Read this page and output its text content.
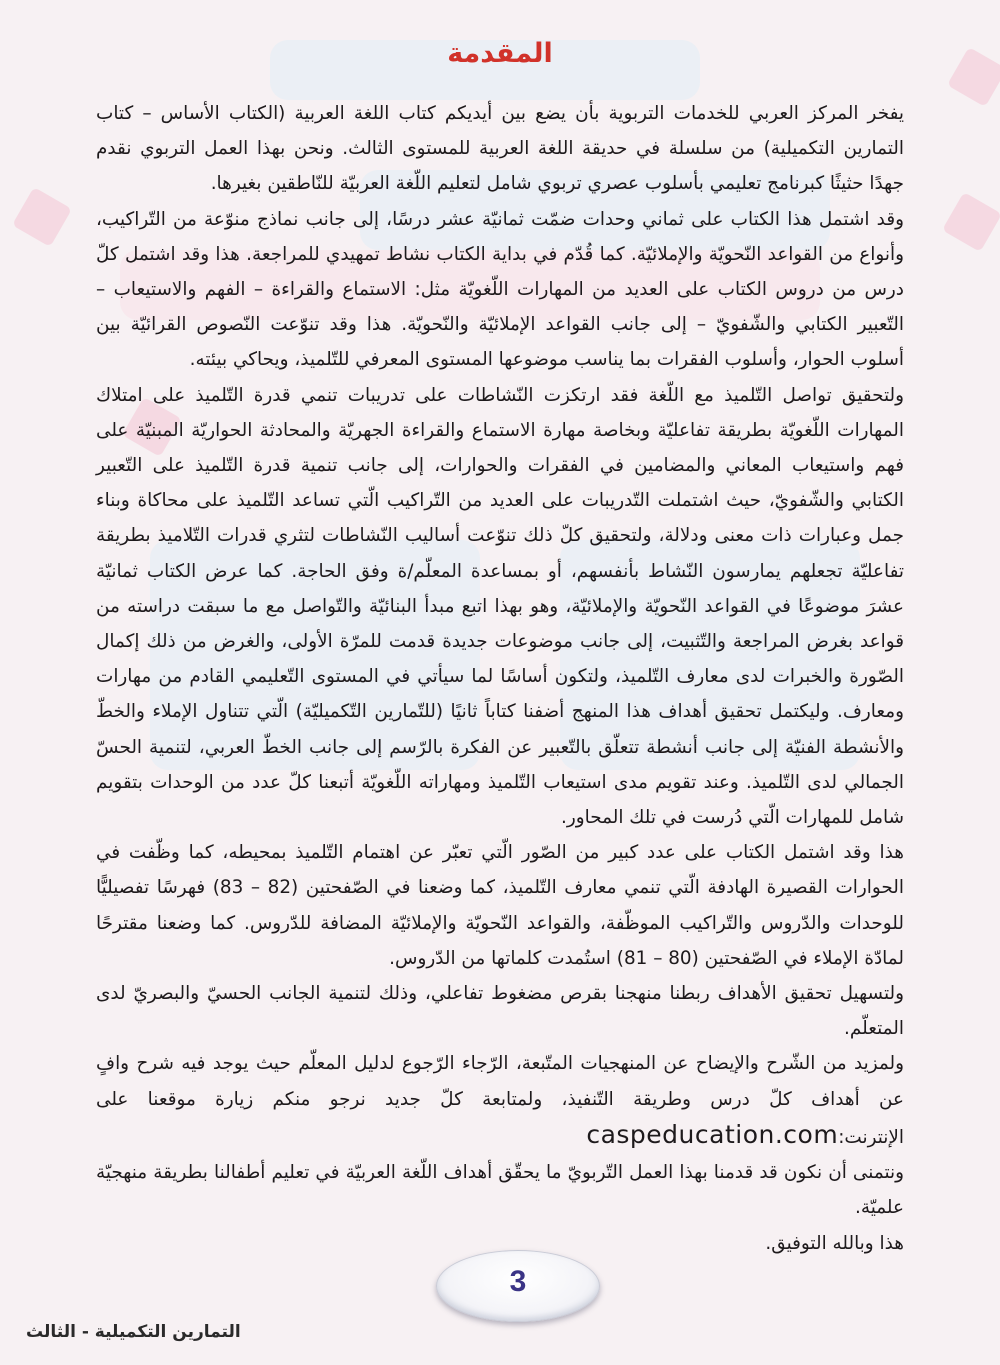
المقدمة

يفخر المركز العربي للخدمات التربوية بأن يضع بين أيديكم كتاب اللغة العربية (الكتاب الأساس – كتاب التمارين التكميلية) من سلسلة في حديقة اللغة العربية للمستوى الثالث. ونحن بهذا العمل التربوي نقدم جهدًا حثيثًا كبرنامج تعليمي بأسلوب عصري تربوي شامل لتعليم اللّغة العربيّة للنّاطقين بغيرها.

وقد اشتمل هذا الكتاب على ثماني وحدات ضمّت ثمانيّة عشر درسًا، إلى جانب نماذج منوّعة من التّراكيب، وأنواع من القواعد النّحويّة والإملائيّة. كما قُدّم في بداية الكتاب نشاط تمهيدي للمراجعة. هذا وقد اشتمل كلّ درس من دروس الكتاب على العديد من المهارات اللّغويّة مثل: الاستماع والقراءة – الفهم والاستيعاب – التّعبير الكتابي والشّفويّ – إلى جانب القواعد الإملائيّة والنّحويّة. هذا وقد تنوّعت النّصوص القرائيّة بين أسلوب الحوار، وأسلوب الفقرات بما يناسب موضوعها المستوى المعرفي للتّلميذ، ويحاكي بيئته.

ولتحقيق تواصل التّلميذ مع اللّغة فقد ارتكزت النّشاطات على تدريبات تنمي قدرة التّلميذ على امتلاك المهارات اللّغويّة بطريقة تفاعليّة وبخاصة مهارة الاستماع والقراءة الجهريّة والمحادثة الحواريّة المبنيّة على فهم واستيعاب المعاني والمضامين في الفقرات والحوارات، إلى جانب تنمية قدرة التّلميذ على التّعبير الكتابي والشّفويّ، حيث اشتملت التّدريبات على العديد من التّراكيب الّتي تساعد التّلميذ على محاكاة وبناء جمل وعبارات ذات معنى ودلالة، ولتحقيق كلّ ذلك تنوّعت أساليب النّشاطات لتثري قدرات التّلاميذ بطريقة تفاعليّة تجعلهم يمارسون النّشاط بأنفسهم، أو بمساعدة المعلّم/ة وفق الحاجة. كما عرض الكتاب ثمانيّة عشرَ موضوعًا في القواعد النّحويّة والإملائيّة، وهو بهذا اتبع مبدأ البنائيّة والتّواصل مع ما سبقت دراسته من قواعد بغرض المراجعة والتّثبيت، إلى جانب موضوعات جديدة قدمت للمرّة الأولى، والغرض من ذلك إكمال الصّورة والخبرات لدى معارف التّلميذ، ولتكون أساسًا لما سيأتي في المستوى التّعليمي القادم من مهارات ومعارف. وليكتمل تحقيق أهداف هذا المنهج أضفنا كتاباً ثانيًا (للتّمارين التّكميليّة) الّتي تتناول الإملاء والخطّ والأنشطة الفنيّة إلى جانب أنشطة تتعلّق بالتّعبير عن الفكرة بالرّسم إلى جانب الخطّ العربي، لتنمية الحسّ الجمالي لدى التّلميذ. وعند تقويم مدى استيعاب التّلميذ ومهاراته اللّغويّة أتبعنا كلّ عدد من الوحدات بتقويم شامل للمهارات الّتي دُرست في تلك المحاور.

هذا وقد اشتمل الكتاب على عدد كبير من الصّور الّتي تعبّر عن اهتمام التّلميذ بمحيطه، كما وظّفت في الحوارات القصيرة الهادفة الّتي تنمي معارف التّلميذ، كما وضعنا في الصّفحتين (82 – 83) فهرسًا تفصيليًّا للوحدات والدّروس والتّراكيب الموظّفة، والقواعد النّحويّة والإملائيّة المضافة للدّروس. كما وضعنا مقترحًا لمادّة الإملاء في الصّفحتين (80 – 81) استُمدت كلماتها من الدّروس.

ولتسهيل تحقيق الأهداف ربطنا منهجنا بقرص مضغوط تفاعلي، وذلك لتنمية الجانب الحسيّ والبصريّ لدى المتعلّم.

ولمزيد من الشّرح والإيضاح عن المنهجيات المتّبعة، الرّجاء الرّجوع لدليل المعلّم حيث يوجد فيه شرح وافٍ عن أهداف كلّ درس وطريقة التّنفيذ، ولمتابعة كلّ جديد نرجو منكم زيارة موقعنا على الإنترنت:caspeducation.com

ونتمنى أن نكون قد قدمنا بهذا العمل التّربويّ ما يحقّق أهداف اللّغة العربيّة في تعليم أطفالنا بطريقة منهجيّة علميّة.

هذا وبالله التوفيق.

3
التمارين التكميلية - الثالث
